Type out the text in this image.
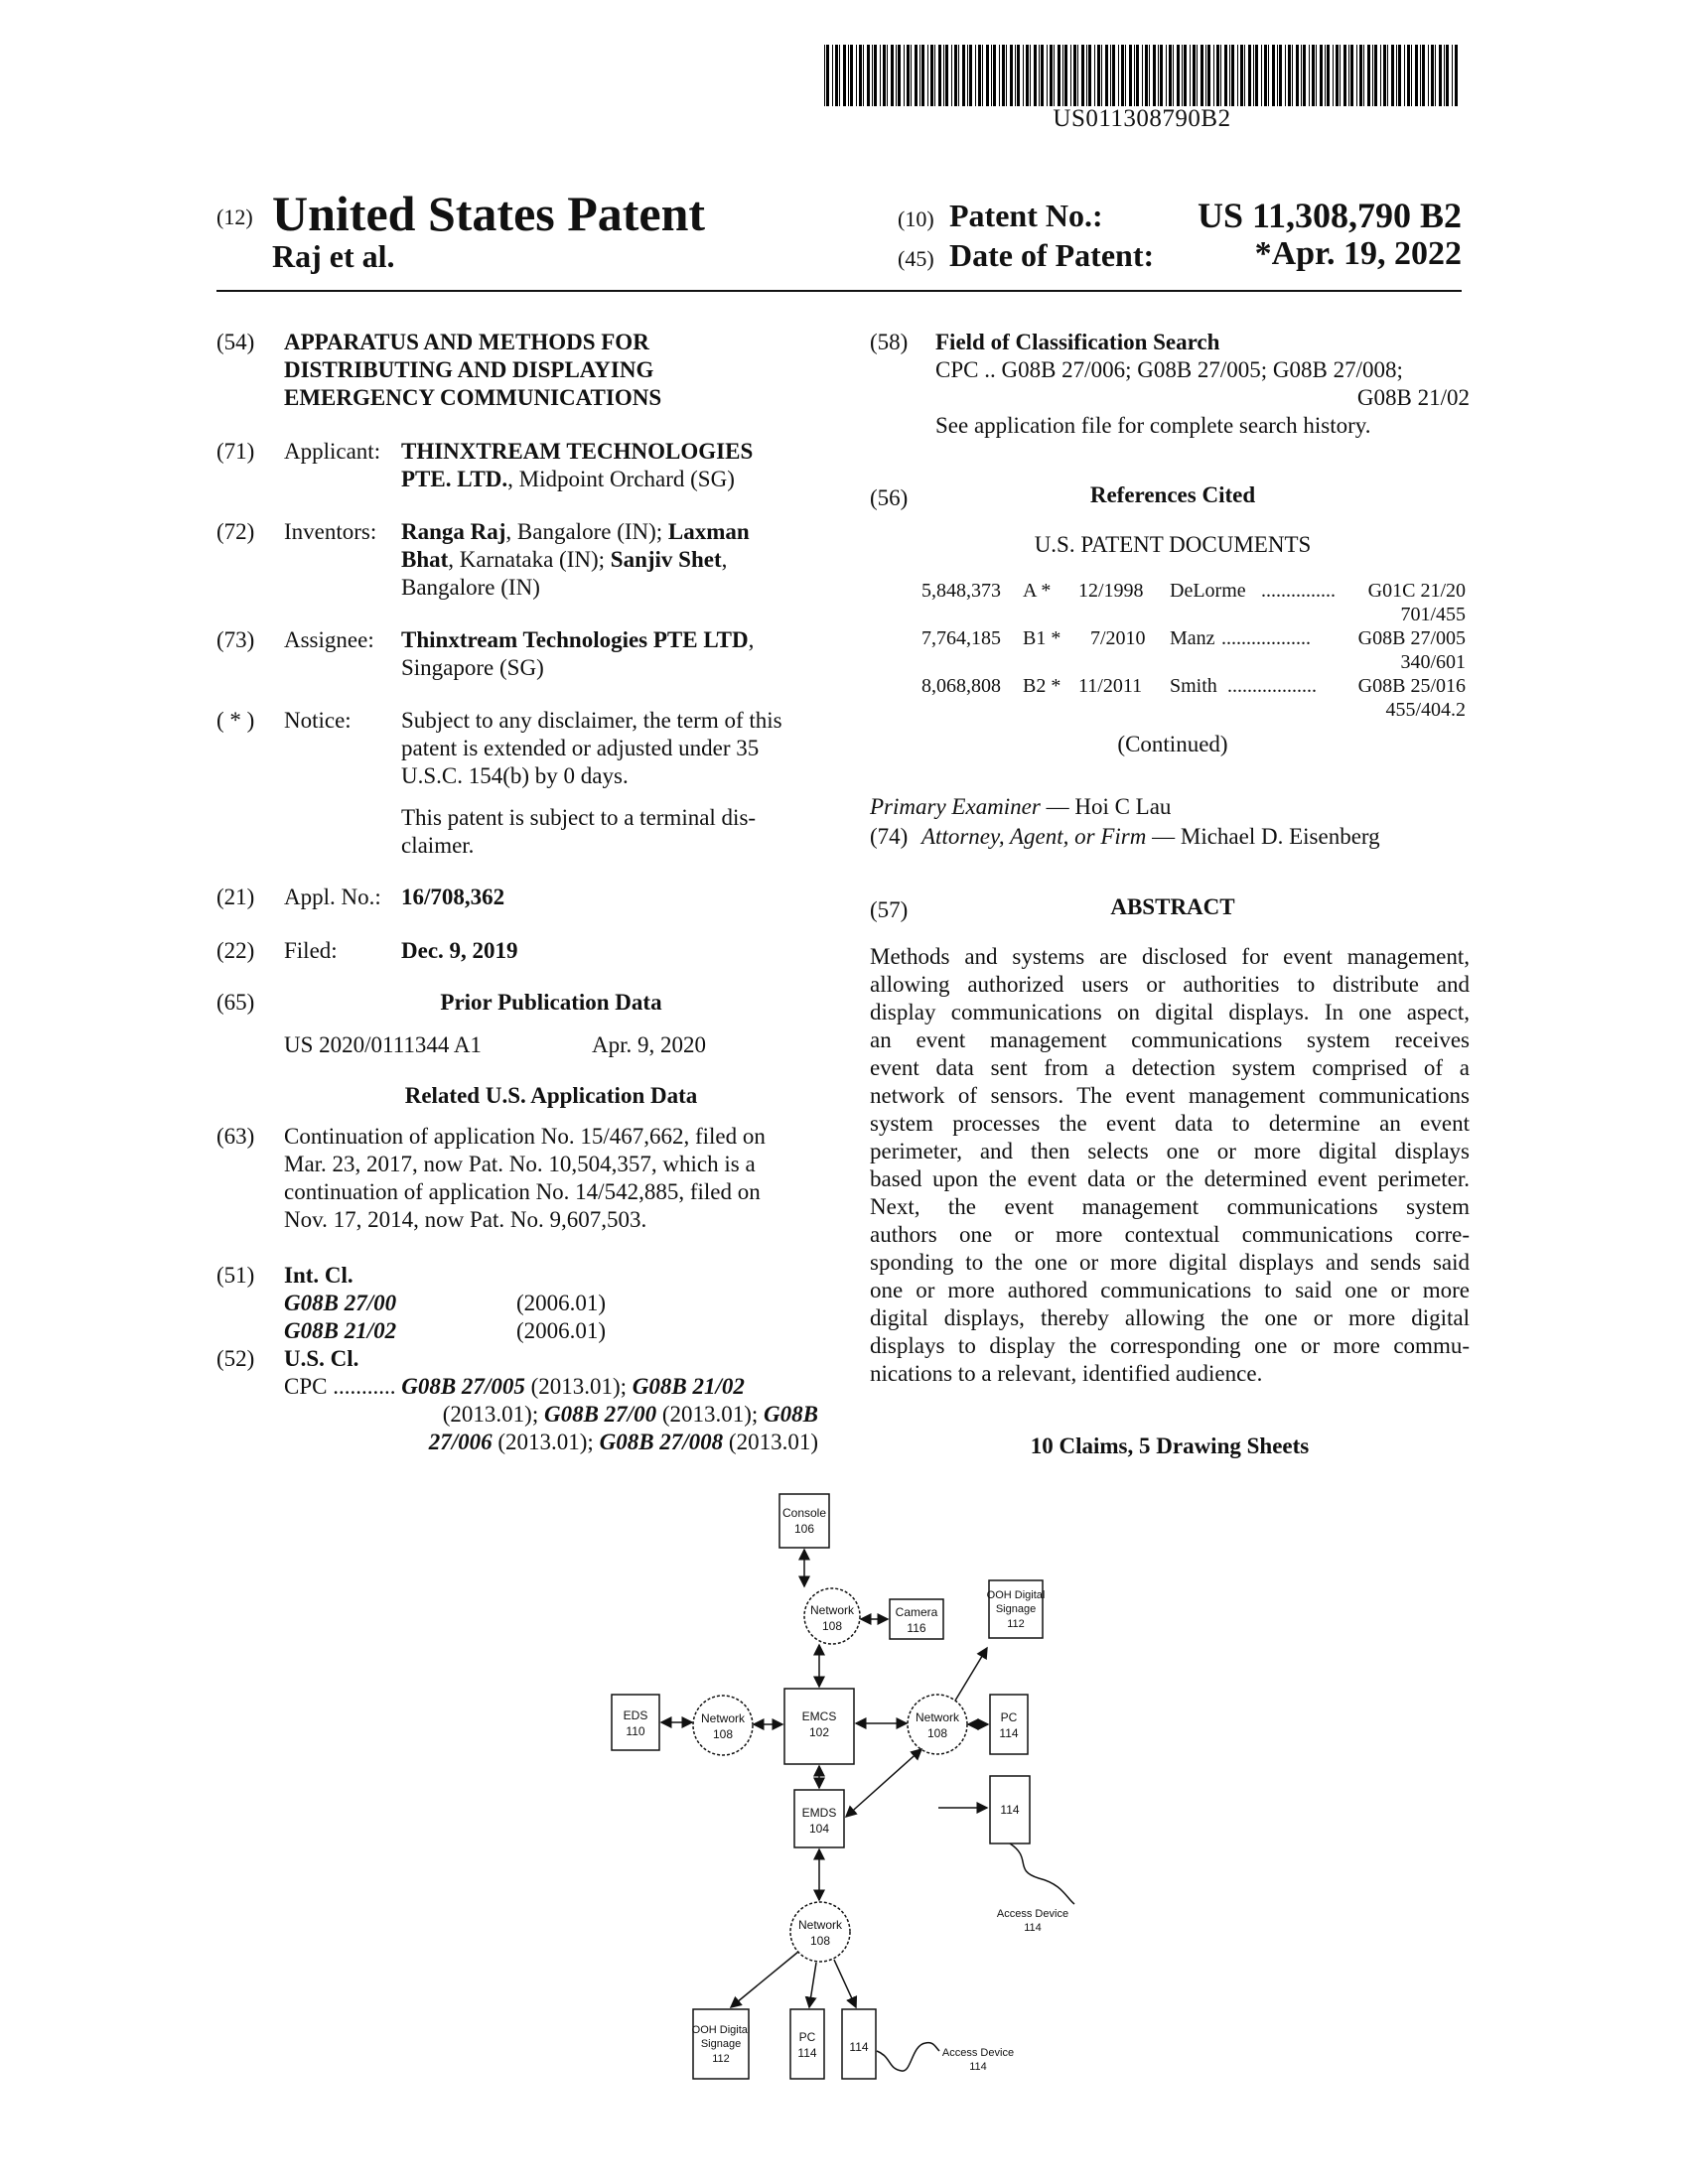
US011308790B2
(12) United States Patent
Raj et al.
(10) Patent No.:	US 11,308,790 B2
(45) Date of Patent:	*Apr. 19, 2022
(54) APPARATUS AND METHODS FOR
DISTRIBUTING AND DISPLAYING
EMERGENCY COMMUNICATIONS
(71) Applicant: THINXTREAM TECHNOLOGIES
PTE. LTD., Midpoint Orchard (SG)
(72) Inventors: Ranga Raj, Bangalore (IN); Laxman
Bhat, Karnataka (IN); Sanjiv Shet,
Bangalore (IN)
(73) Assignee: Thinxtream Technologies PTE LTD,
Singapore (SG)
( * ) Notice: Subject to any disclaimer, the term of this
patent is extended or adjusted under 35
U.S.C. 154(b) by 0 days.
This patent is subject to a terminal dis-
claimer.
(21) Appl. No.: 16/708,362
(22) Filed:	Dec. 9, 2019
(65)	Prior Publication Data
US 2020/0111344 A1	Apr. 9, 2020
Related U.S. Application Data
(63) Continuation of application No. 15/467,662, filed on
Mar. 23, 2017, now Pat. No. 10,504,357, which is a
continuation of application No. 14/542,885, filed on
Nov. 17, 2014, now Pat. No. 9,607,503.
(51) Int. Cl.
G08B 27/00	(2006.01)
G08B 21/02	(2006.01)
(52) U.S. Cl.
CPC ........... G08B 27/005 (2013.01); G08B 21/02
(2013.01); G08B 27/00 (2013.01); G08B
27/006 (2013.01); G08B 27/008 (2013.01)
(58) Field of Classification Search
CPC .. G08B 27/006; G08B 27/005; G08B 27/008;
G08B 21/02
See application file for complete search history.
(56)	References Cited
U.S. PATENT DOCUMENTS
5,848,373 A * 12/1998 DeLorme ............... G01C 21/20
701/455
7,764,185 B1 * 7/2010 Manz .................. G08B 27/005
340/601
8,068,808 B2 * 11/2011 Smith .................. G08B 25/016
455/404.2
(Continued)
Primary Examiner — Hoi C Lau
(74) Attorney, Agent, or Firm — Michael D. Eisenberg
(57)	ABSTRACT
Methods and systems are disclosed for event management,
allowing authorized users or authorities to distribute and
display communications on digital displays. In one aspect,
an event management communications system receives
event data sent from a detection system comprised of a
network of sensors. The event management communications
system processes the event data to determine an event
perimeter, and then selects one or more digital displays
based upon the event data or the determined event perimeter.
Next, the event management communications system
authors one or more contextual communications corre-
sponding to the one or more digital displays and sends said
one or more authored communications to said one or more
digital displays, thereby allowing the one or more digital
displays to display the corresponding one or more commu-
nications to a relevant, identified audience.
10 Claims, 5 Drawing Sheets
Console
106
Network
108
Camera
116
OOH Digital
Signage
112
EDS
110
Network
108
EMCS
102
Network
108
PC
114
114
EMDS
104
Access Device
114
Network
108
OOH Digital
Signage
112
PC
114	114	Access Device
114
